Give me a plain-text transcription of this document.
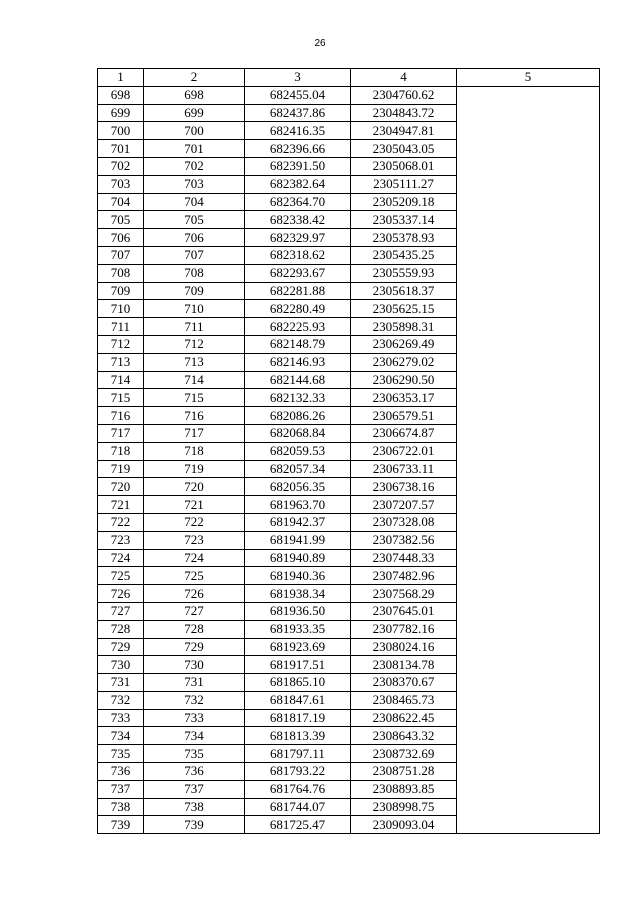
26
1	2	3	4	5
698	698	682455.04	2304760.62	
699	699	682437.86	2304843.72	
700	700	682416.35	2304947.81	
701	701	682396.66	2305043.05	
702	702	682391.50	2305068.01	
703	703	682382.64	2305111.27	
704	704	682364.70	2305209.18	
705	705	682338.42	2305337.14	
706	706	682329.97	2305378.93	
707	707	682318.62	2305435.25	
708	708	682293.67	2305559.93	
709	709	682281.88	2305618.37	
710	710	682280.49	2305625.15	
711	711	682225.93	2305898.31	
712	712	682148.79	2306269.49	
713	713	682146.93	2306279.02	
714	714	682144.68	2306290.50	
715	715	682132.33	2306353.17	
716	716	682086.26	2306579.51	
717	717	682068.84	2306674.87	
718	718	682059.53	2306722.01	
719	719	682057.34	2306733.11	
720	720	682056.35	2306738.16	
721	721	681963.70	2307207.57	
722	722	681942.37	2307328.08	
723	723	681941.99	2307382.56	
724	724	681940.89	2307448.33	
725	725	681940.36	2307482.96	
726	726	681938.34	2307568.29	
727	727	681936.50	2307645.01	
728	728	681933.35	2307782.16	
729	729	681923.69	2308024.16	
730	730	681917.51	2308134.78	
731	731	681865.10	2308370.67	
732	732	681847.61	2308465.73	
733	733	681817.19	2308622.45	
734	734	681813.39	2308643.32	
735	735	681797.11	2308732.69	
736	736	681793.22	2308751.28	
737	737	681764.76	2308893.85	
738	738	681744.07	2308998.75	
739	739	681725.47	2309093.04	
